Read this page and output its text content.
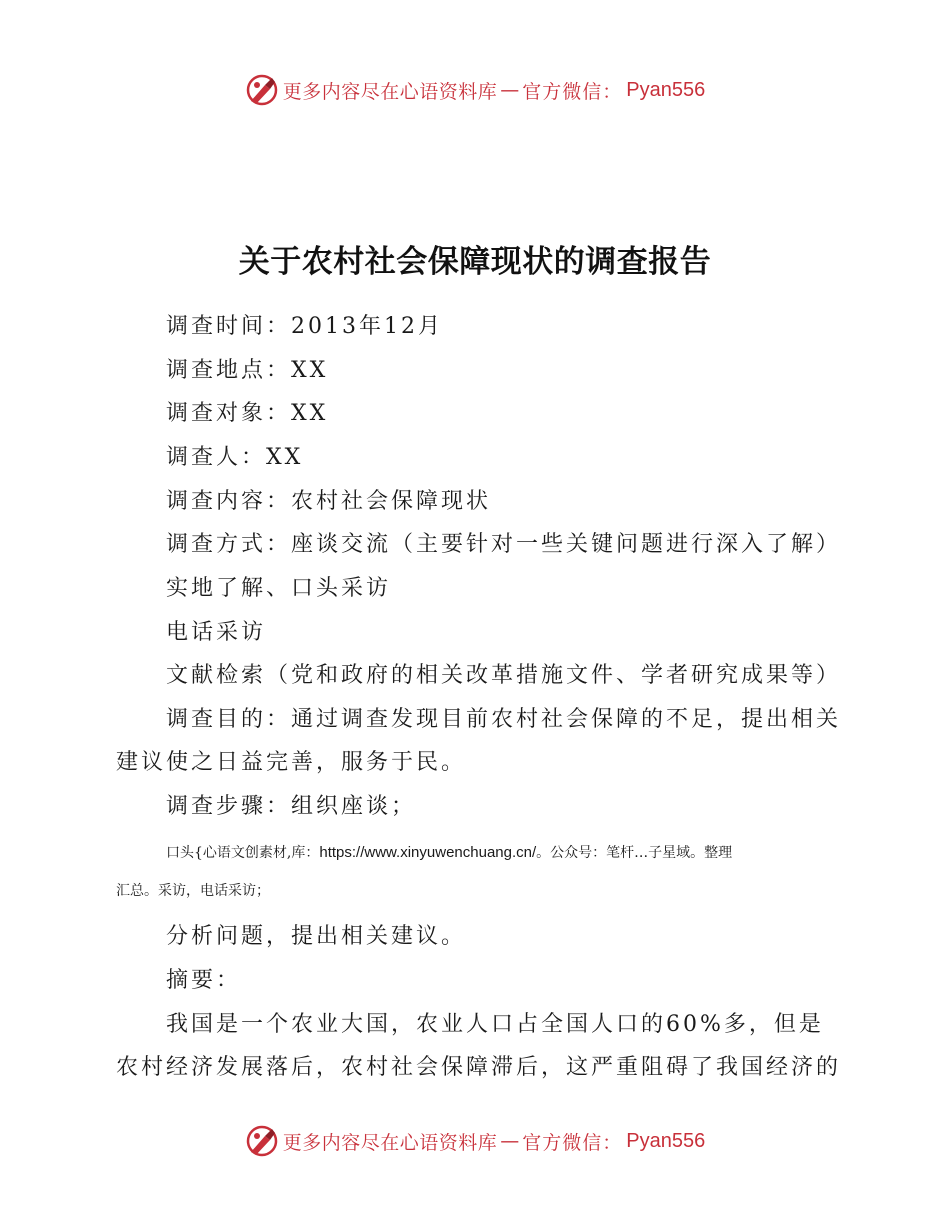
更多内容尽在心语资料库 — 官方微信： Pyan556
关于农村社会保障现状的调查报告
调查时间：2013年12月
调查地点：XX
调查对象：XX
调查人：XX
调查内容：农村社会保障现状
调查方式：座谈交流（主要针对一些关键问题进行深入了解）
实地了解、口头采访
电话采访
文献检索（党和政府的相关改革措施文件、学者研究成果等）
调查目的：通过调查发现目前农村社会保障的不足，提出相关
建议使之日益完善，服务于民。
调查步骤：组织座谈；
口头{心语文创素材,库：https://www.xinyuwenchuang.cn/。公众号：笔杆…子星域。整理
汇总。采访，电话采访；
分析问题，提出相关建议。
摘要：
我国是一个农业大国，农业人口占全国人口的60%多，但是
农村经济发展落后，农村社会保障滞后，这严重阻碍了我国经济的
更多内容尽在心语资料库 — 官方微信： Pyan556
